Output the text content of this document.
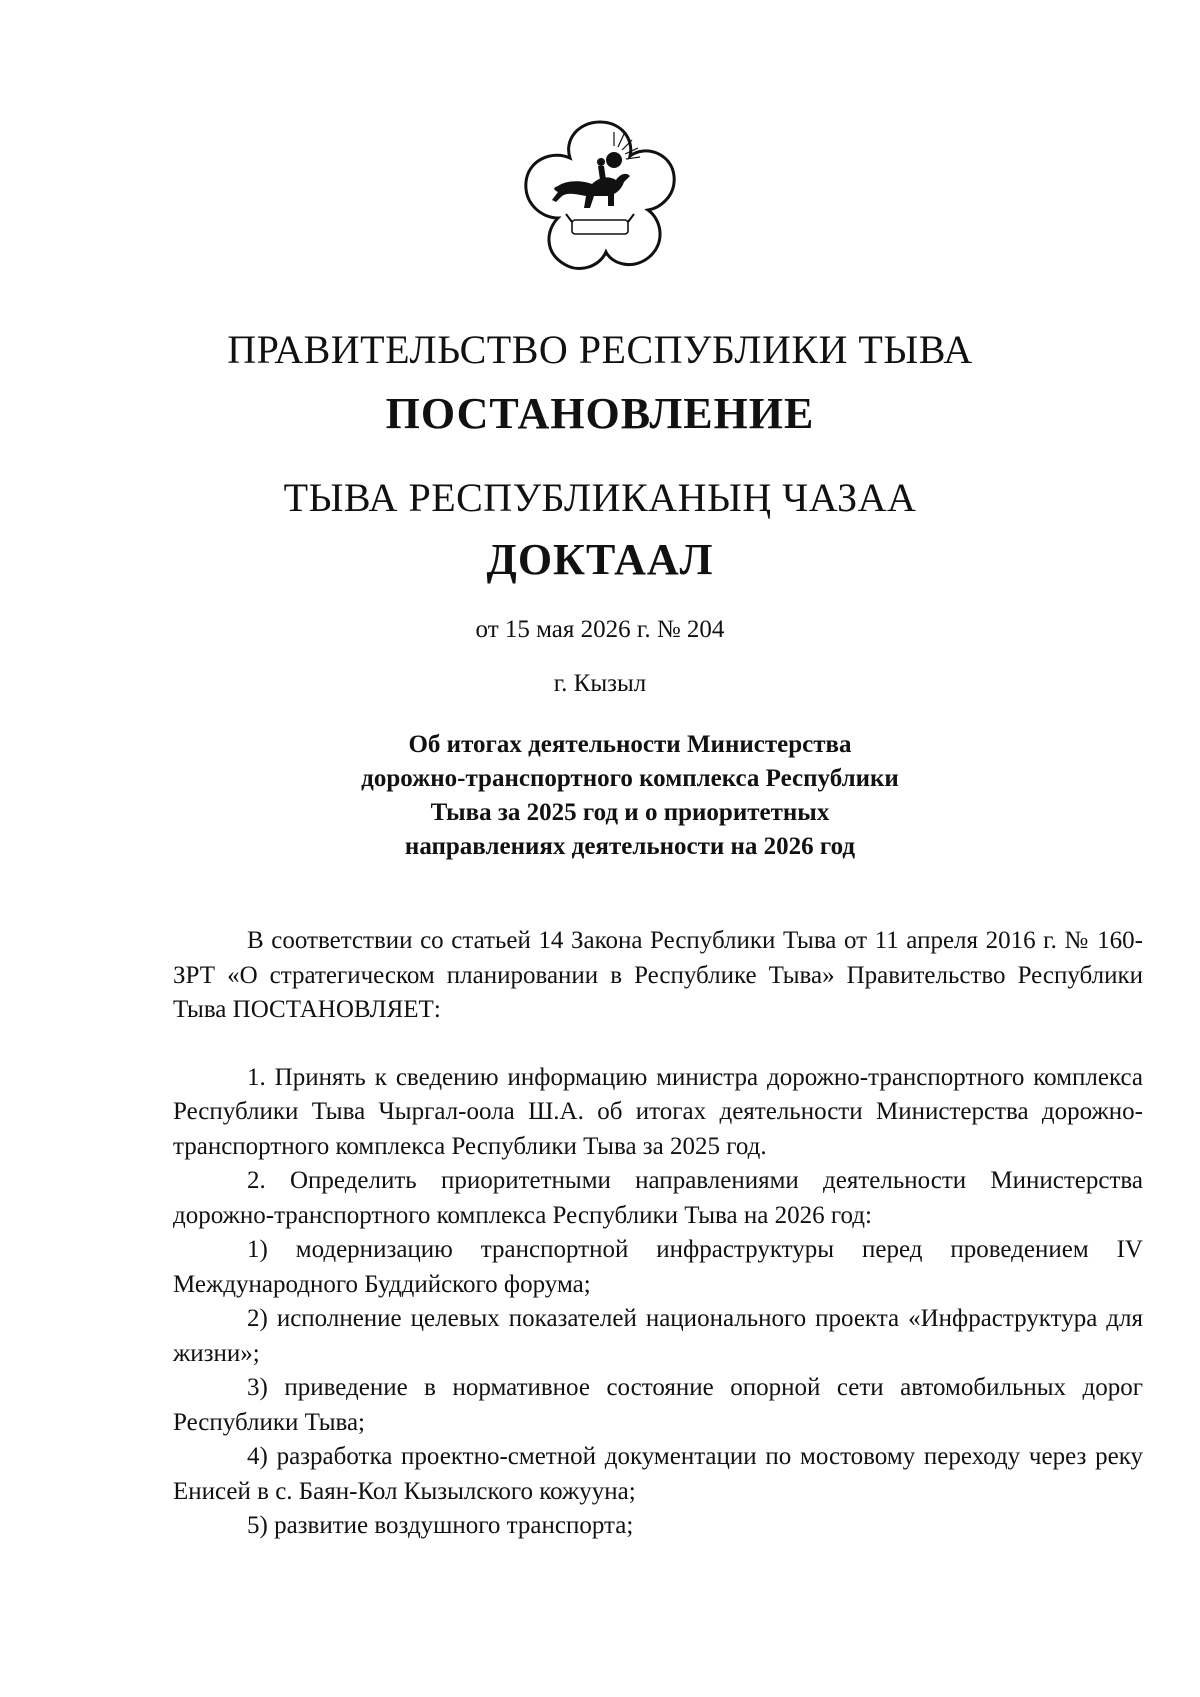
ПРАВИТЕЛЬСТВО РЕСПУБЛИКИ ТЫВА
ПОСТАНОВЛЕНИЕ
ТЫВА РЕСПУБЛИКАНЫҢ ЧАЗАА
ДОКТААЛ
от 15 мая 2026 г. № 204
г. Кызыл
Об итогах деятельности Министерства
дорожно-транспортного комплекса Республики
Тыва за 2025 год и о приоритетных
направлениях деятельности на 2026 год

В соответствии со статьей 14 Закона Республики Тыва от 11 апреля 2016 г. № 160-ЗРТ «О стратегическом планировании в Республике Тыва» Правительство Республики Тыва ПОСТАНОВЛЯЕТ:

1. Принять к сведению информацию министра дорожно-транспортного комплекса Республики Тыва Чыргал-оола Ш.А. об итогах деятельности Министерства дорожно-транспортного комплекса Республики Тыва за 2025 год.

2. Определить приоритетными направлениями деятельности Министерства дорожно-транспортного комплекса Республики Тыва на 2026 год:

1) модернизацию транспортной инфраструктуры перед проведением IV Международного Буддийского форума;

2) исполнение целевых показателей национального проекта «Инфраструктура для жизни»;

3) приведение в нормативное состояние опорной сети автомобильных дорог Республики Тыва;

4) разработка проектно-сметной документации по мостовому переходу через реку Енисей в с. Баян-Кол Кызылского кожууна;

5) развитие воздушного транспорта;
